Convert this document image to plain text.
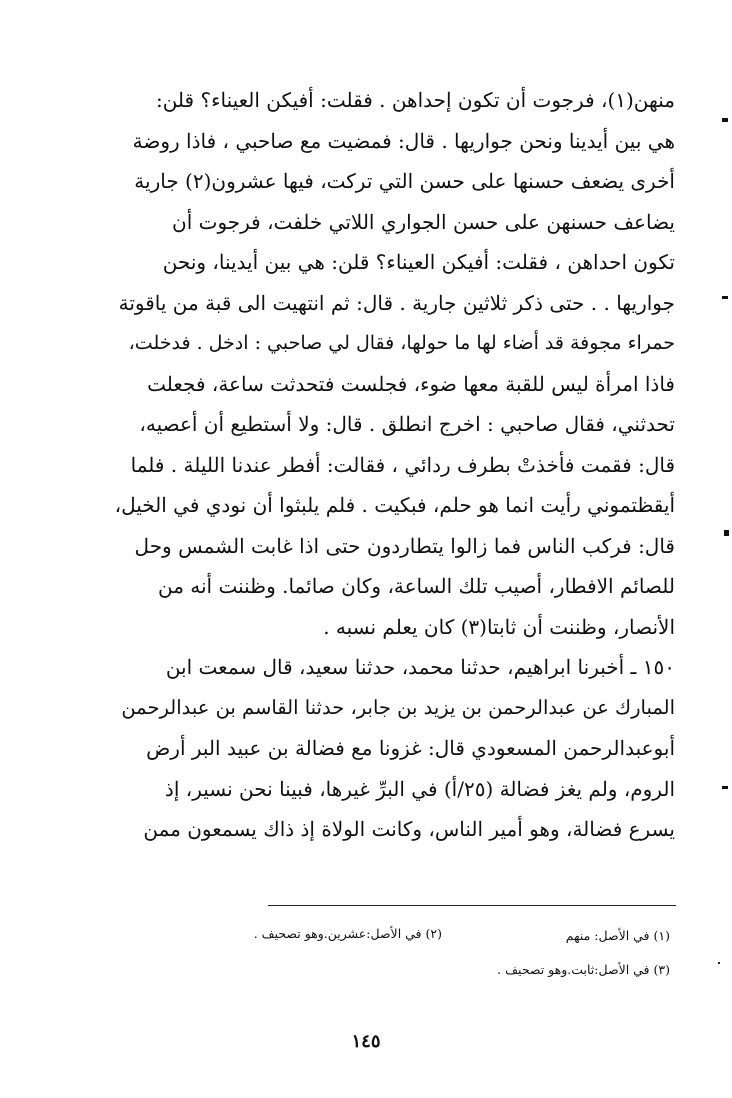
منهن(١)، فرجوت أن تكون إحداهن . فقلت: أفيكن العيناء؟ قلن:
هي بين أيدينا ونحن جواريها . قال: فمضيت مع صاحبي ، فاذا روضة
أخرى يضعف حسنها على حسن التي تركت، فيها عشرون(٢) جارية
يضاعف حسنهن على حسن الجواري اللاتي خلفت، فرجوت أن
تكون احداهن ، فقلت: أفيكن العيناء؟ قلن: هي بين أيدينا، ونحن
جواريها . . حتى ذكر ثلاثين جارية . قال: ثم انتهيت الى قبة من ياقوتة
حمراء مجوفة قد أضاء لها ما حولها، فقال لي صاحبي : ادخل . فدخلت،
فاذا امرأة ليس للقبة معها ضوء، فجلست فتحدثت ساعة، فجعلت
تحدثني، فقال صاحبي : اخرج انطلق . قال: ولا أستطيع أن أعصيه،
قال: فقمت فأخذتْ بطرف ردائي ، فقالت: أفطر عندنا الليلة . فلما
أيقظتموني رأيت انما هو حلم، فبكيت . فلم يلبثوا أن نودي في الخيل،
قال: فركب الناس فما زالوا يتطاردون حتى اذا غابت الشمس وحل
للصائم الافطار، أصيب تلك الساعة، وكان صائما. وظننت أنه من
الأنصار، وظننت أن ثابتا(٣) كان يعلم نسبه .
١٥٠ ـ أخبرنا ابراهيم، حدثنا محمد، حدثنا سعيد، قال سمعت ابن
المبارك عن عبدالرحمن بن يزيد بن جابر، حدثنا القاسم بن عبدالرحمن
أبوعبدالرحمن المسعودي قال: غزونا مع فضالة بن عبيد البر أرض
الروم، ولم يغز فضالة (٢٥/أ) في البرِّ غيرها، فبينا نحن نسير، إذ
يسرع فضالة، وهو أمير الناس، وكانت الولاة إذ ذاك يسمعون ممن
(١) في الأصل: منهم
(٢) في الأصل:عشرين.وهو تصحيف .
(٣) في الأصل:ثابت.وهو تصحيف .
١٤٥
